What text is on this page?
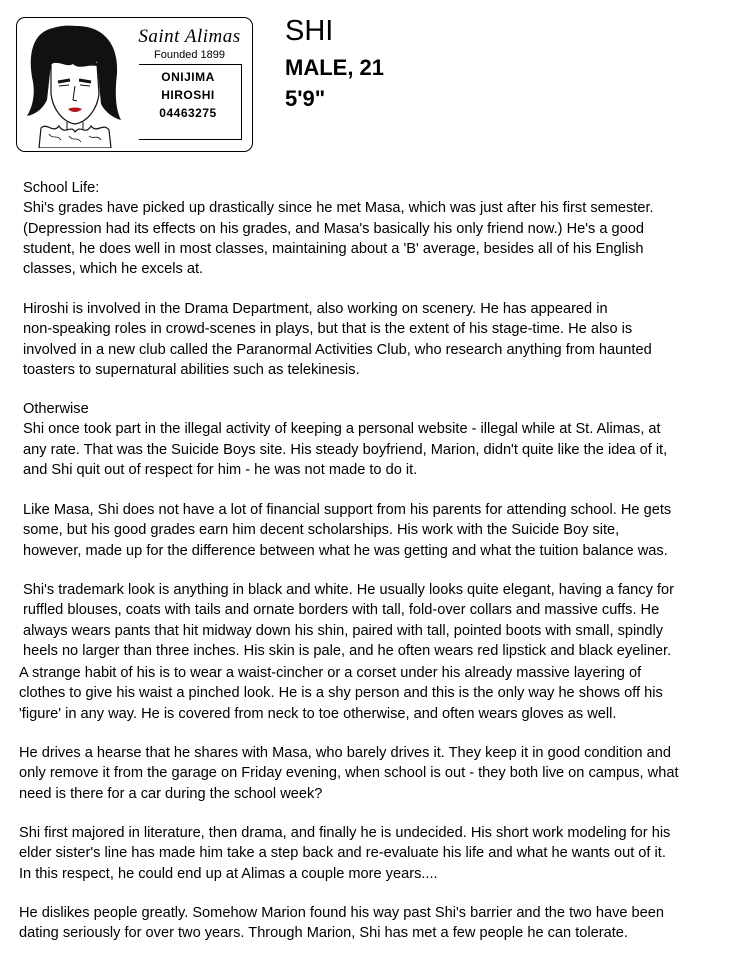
Saint Alimas
Founded 1899
ONIJIMA
HIROSHI
04463275
SHI
MALE, 21
5'9"
School Life:
Shi's grades have picked up drastically since he met Masa, which was just after his first semester.
(Depression had its effects on his grades, and Masa's basically his only friend now.) He's a good
student, he does well in most classes, maintaining about a 'B' average, besides all of his English
classes, which he excels at.
Hiroshi is involved in the Drama Department, also working on scenery. He has appeared in
non-speaking roles in crowd-scenes in plays, but that is the extent of his stage-time. He also is
involved in a new club called the Paranormal Activities Club, who research anything from haunted
toasters to supernatural abilities such as telekinesis.
Otherwise
Shi once took part in the illegal activity of keeping a personal website - illegal while at St. Alimas, at
any rate. That was the Suicide Boys site. His steady boyfriend, Marion, didn't quite like the idea of it,
and Shi quit out of respect for him - he was not made to do it.
Like Masa, Shi does not have a lot of financial support from his parents for attending school. He gets
some, but his good grades earn him decent scholarships. His work with the Suicide Boy site,
however, made up for the difference between what he was getting and what the tuition balance was.
Shi's trademark look is anything in black and white. He usually looks quite elegant, having a fancy for
ruffled blouses, coats with tails and ornate borders with tall, fold-over collars and massive cuffs. He
always wears pants that hit midway down his shin, paired with tall, pointed boots with small, spindly
heels no larger than three inches. His skin is pale, and he often wears red lipstick and black eyeliner.
A strange habit of his is to wear a waist-cincher or a corset under his already massive layering of
clothes to give his waist a pinched look. He is a shy person and this is the only way he shows off his
'figure' in any way. He is covered from neck to toe otherwise, and often wears gloves as well.
He drives a hearse that he shares with Masa, who barely drives it. They keep it in good condition and
only remove it from the garage on Friday evening, when school is out - they both live on campus, what
need is there for a car during the school week?
Shi first majored in literature, then drama, and finally he is undecided. His short work modeling for his
elder sister's line has made him take a step back and re-evaluate his life and what he wants out of it.
In this respect, he could end up at Alimas a couple more years....
He dislikes people greatly. Somehow Marion found his way past Shi's barrier and the two have been
dating seriously for over two years. Through Marion, Shi has met a few people he can tolerate.
